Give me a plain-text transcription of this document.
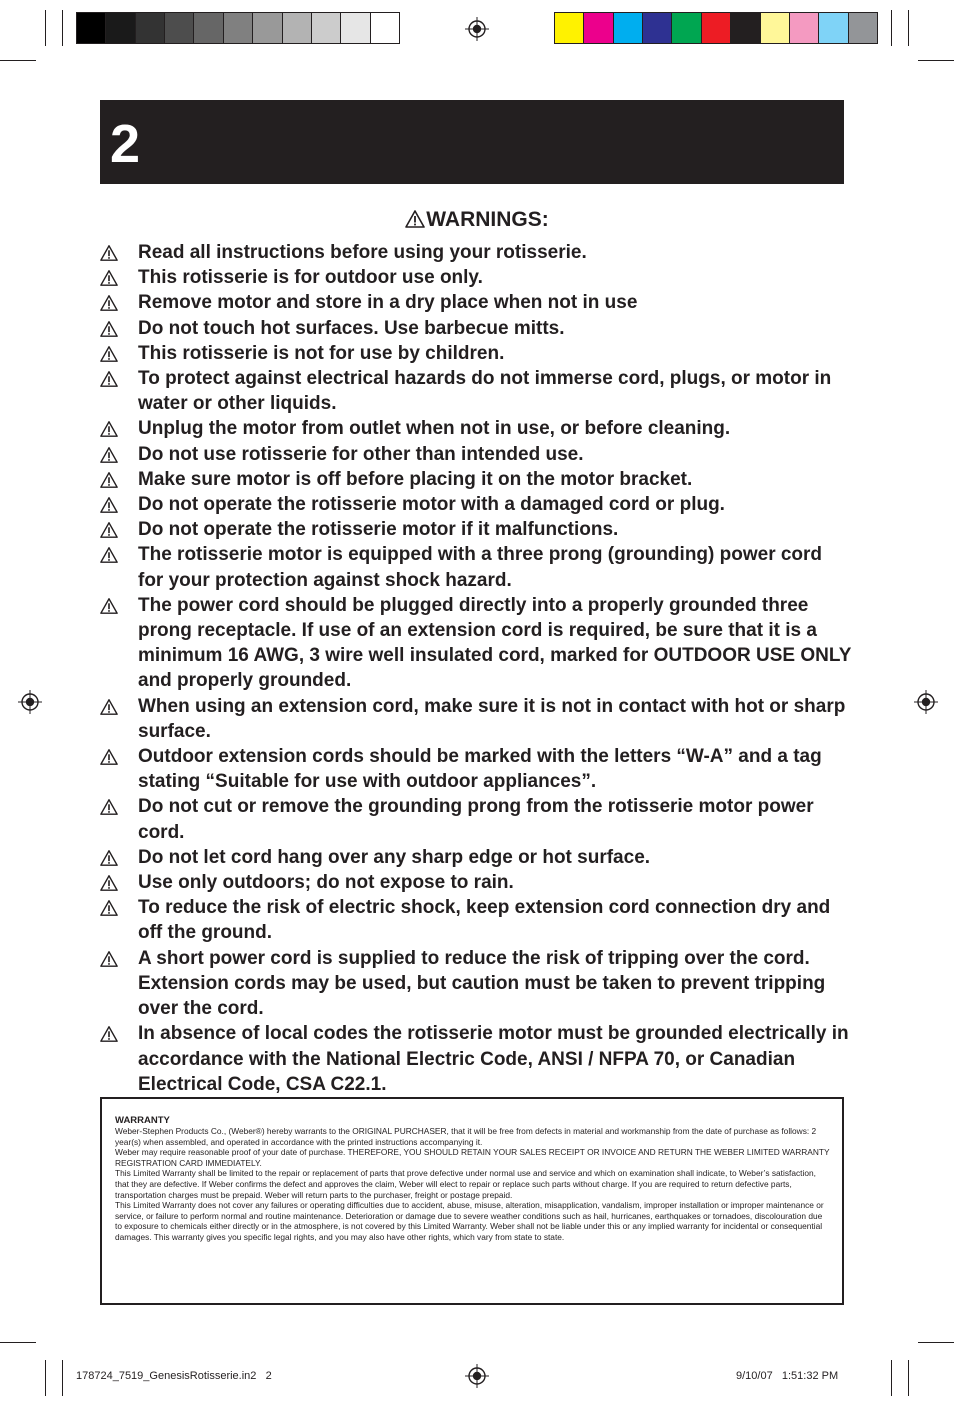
2
WARNINGS:
Read all instructions before using your rotisserie.
This rotisserie is for outdoor use only.
Remove motor and store in a dry place when not in use
Do not touch hot surfaces. Use barbecue mitts.
This rotisserie is not for use by children.
To protect against electrical hazards do not immerse cord, plugs, or motor in water or other liquids.
Unplug the motor from outlet when not in use, or before cleaning.
Do not use rotisserie for other than intended use.
Make sure motor is off before placing it on the motor bracket.
Do not operate the rotisserie motor with a damaged cord or plug.
Do not operate the rotisserie motor if it malfunctions.
The rotisserie motor is equipped with a three prong (grounding) power cord for your protection against shock hazard.
The power cord should be plugged directly into a properly grounded three prong receptacle. If use of an extension cord is required, be sure that it is a minimum 16 AWG, 3 wire well insulated cord, marked for OUTDOOR USE ONLY and properly grounded.
When using an extension cord, make sure it is not in contact with hot or sharp surface.
Outdoor extension cords should be marked with the letters “W-A” and a tag stating “Suitable for use with outdoor appliances”.
Do not cut or remove the grounding prong from the rotisserie motor power cord.
Do not let cord hang over any sharp edge or hot surface.
Use only outdoors; do not expose to rain.
To reduce the risk of electric shock, keep extension cord connection dry and off the ground.
A short power cord is supplied to reduce the risk of tripping over the cord. Extension cords may be used, but caution must be taken to prevent tripping over the cord.
In absence of local codes the rotisserie motor must be grounded electrically in accordance with the National Electric Code, ANSI / NFPA 70, or Canadian Electrical Code, CSA C22.1.

WARRANTY

Weber-Stephen Products Co., (Weber®) hereby warrants to the ORIGINAL PURCHASER, that it will be free from defects in material and workmanship from the date of purchase as follows: 2 year(s) when assembled, and operated in accordance with the printed instructions accompanying it.

Weber may require reasonable proof of your date of purchase. THEREFORE, YOU SHOULD RETAIN YOUR SALES RECEIPT OR INVOICE AND RETURN THE WEBER LIMITED WARRANTY REGISTRATION CARD IMMEDIATELY.

This Limited Warranty shall be limited to the repair or replacement of parts that prove defective under normal use and service and which on examination shall indicate, to Weber’s satisfaction, that they are defective. If Weber confirms the defect and approves the claim, Weber will elect to repair or replace such parts without charge. If you are required to return defective parts, transportation charges must be prepaid. Weber will return parts to the purchaser, freight or postage prepaid.

This Limited Warranty does not cover any failures or operating difficulties due to accident, abuse, misuse, alteration, misapplication, vandalism, improper installation or improper maintenance or service, or failure to perform normal and routine maintenance. Deterioration or damage due to severe weather conditions such as hail, hurricanes, earthquakes or tornadoes, discolouration due to exposure to chemicals either directly or in the atmosphere, is not covered by this Limited Warranty. Weber shall not be liable under this or any implied warranty for incidental or consequential damages. This warranty gives you specific legal rights, and you may also have other rights, which vary from state to state.

178724_7519_GenesisRotisserie.in2   2	9/10/07   1:51:32 PM
